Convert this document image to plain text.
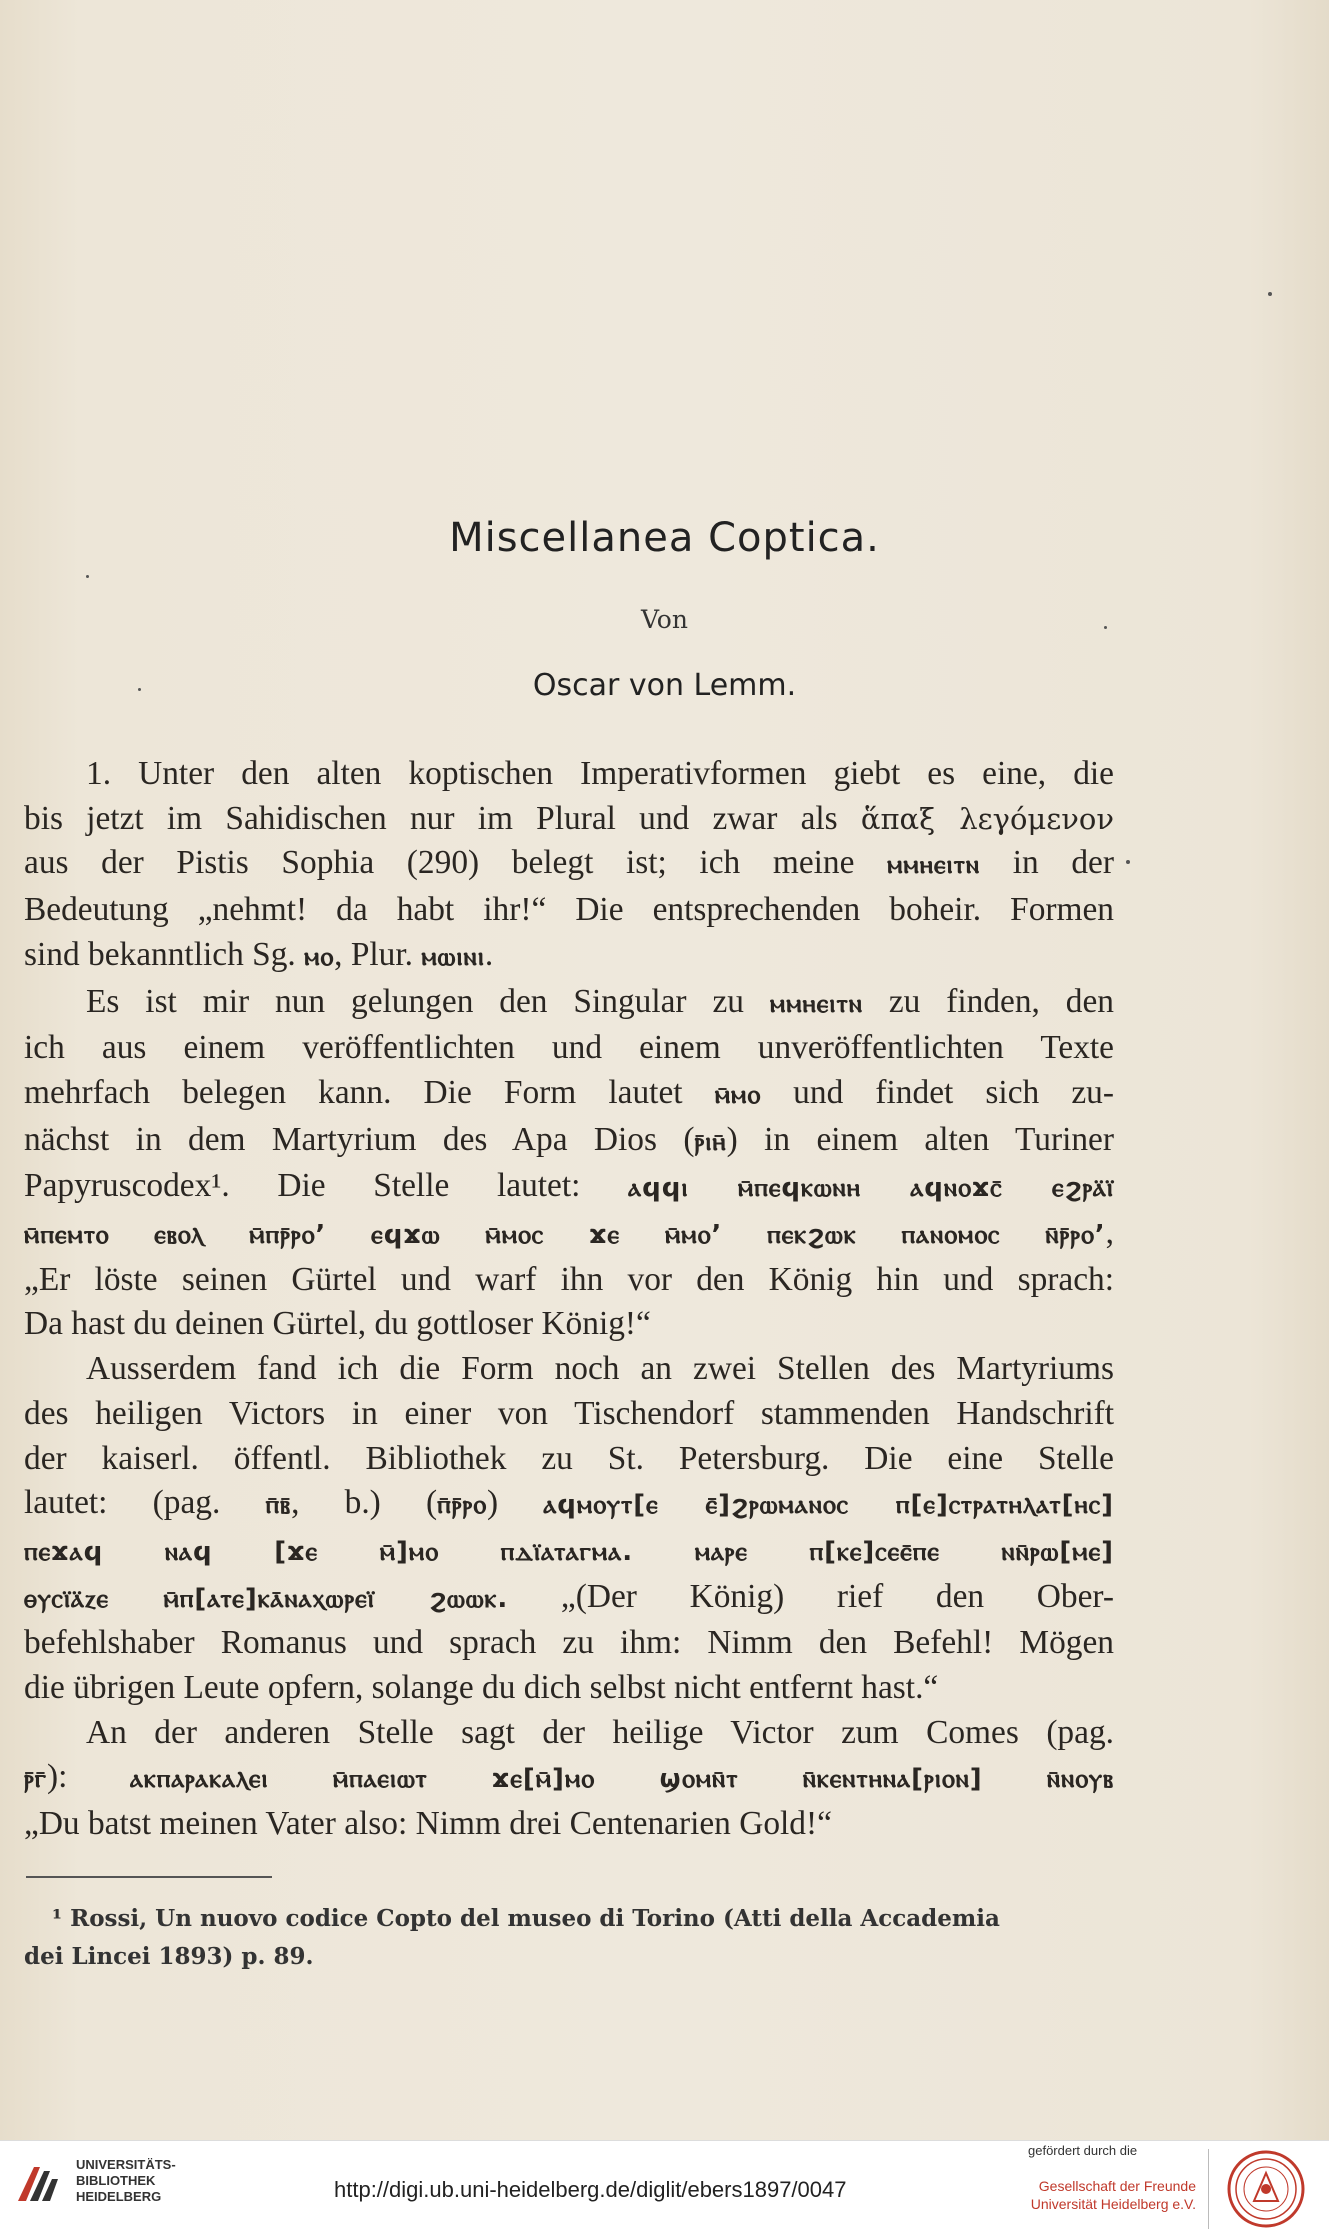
Miscellanea Coptica.
Von
Oscar von Lemm.
1. Unter den alten koptischen Imperativformen giebt es eine, die
bis jetzt im Sahidischen nur im Plural und zwar als ἅπαξ λεγόμενον
aus der Pistis Sophia (290) belegt ist; ich meine ⲙⲙⲏⲉⲓⲧⲛ in der
Bedeutung „nehmt! da habt ihr!“ Die entsprechenden boheir. Formen
sind bekanntlich Sg. ⲙⲟ, Plur. ⲙⲱⲓⲛⲓ.
Es ist mir nun gelungen den Singular zu ⲙⲙⲏⲉⲓⲧⲛ zu finden, den
ich aus einem veröffentlichten und einem unveröffentlichten Texte
mehrfach belegen kann. Die Form lautet ⲙ̄ⲙⲟ und findet sich zu-
nächst in dem Martyrium des Apa Dios (ⲣ̄ⲓⲏ̄) in einem alten Turiner
Papyruscodex¹. Die Stelle lautet: ⲁϥϥⲓ ⲙ̄ⲡⲉϥⲕⲱⲛⲏ ⲁϥⲛⲟϫⲥ̄ ⲉϩⲣⲁ̈ⲓ̈
ⲙ̄ⲡⲉⲙⲧⲟ ⲉⲃⲟⲗ ⲙ̄ⲡⲣ̄ⲣⲟ’ ⲉϥϫⲱ ⲙ̄ⲙⲟⲥ ϫⲉ ⲙ̄ⲙⲟ’ ⲡⲉⲕϩⲱⲕ ⲡⲁⲛⲟⲙⲟⲥ ⲛ̄ⲣ̄ⲣⲟ’,
„Er löste seinen Gürtel und warf ihn vor den König hin und sprach:
Da hast du deinen Gürtel, du gottloser König!“
Ausserdem fand ich die Form noch an zwei Stellen des Martyriums
des heiligen Victors in einer von Tischendorf stammenden Handschrift
der kaiserl. öffentl. Bibliothek zu St. Petersburg. Die eine Stelle
lautet: (pag. ⲡ̄ⲃ̄, b.) (ⲡ̄ⲣ̄ⲣⲟ) ⲁϥⲙⲟⲩⲧ[ⲉ ⲉ̄]ϩⲣⲱⲙⲁⲛⲟⲥ ⲡ[ⲉ]ⲥⲧⲣⲁⲧⲏⲗⲁⲧ[ⲏⲥ]
ⲡⲉϫⲁϥ ⲛⲁϥ [ϫⲉ ⲙ̄]ⲙⲟ ⲡⲇⲓ̈ⲁⲧⲁⲅⲙⲁ. ⲙⲁⲣⲉ ⲡ[ⲕⲉ]ⲥⲉⲉ̄ⲡⲉ ⲛⲛ̄ⲣⲱ[ⲙⲉ]
ⲑⲩⲥⲓ̈ⲁ̈ⲍⲉ ⲙ̄ⲡ[ⲁⲧⲉ]ⲕⲁ̄ⲛⲁⲭⲱⲣⲉⲓ̈ ϩⲱⲱⲕ. „(Der König) rief den Ober-
befehlshaber Romanus und sprach zu ihm: Nimm den Befehl! Mögen
die übrigen Leute opfern, solange du dich selbst nicht entfernt hast.“
An der anderen Stelle sagt der heilige Victor zum Comes (pag.
ⲣ̄ⲅ̄): ⲁⲕⲡⲁⲣⲁⲕⲁⲗⲉⲓ ⲙ̄ⲡⲁⲉⲓⲱⲧ ϫⲉ[ⲙ̄]ⲙⲟ ϣⲟⲙⲛ̄ⲧ ⲛ̄ⲕⲉⲛⲧⲏⲛⲁ[ⲣⲓⲟⲛ] ⲛ̄ⲛⲟⲩⲃ
„Du batst meinen Vater also: Nimm drei Centenarien Gold!“
¹ Rossi, Un nuovo codice Copto del museo di Torino (Atti della Accademia
dei Lincei 1893) p. 89.
UNIVERSITÄTS-
BIBLIOTHEK
HEIDELBERG	http://digi.ub.uni-heidelberg.de/diglit/ebers1897/0047
gefördert durch die
Gesellschaft der Freunde
Universität Heidelberg e.V.
